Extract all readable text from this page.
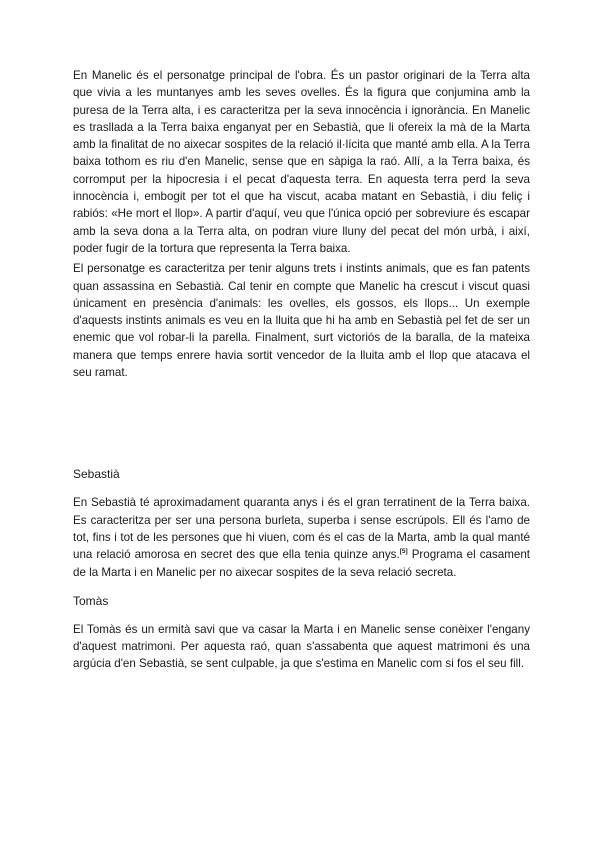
En Manelic és el personatge principal de l'obra. És un pastor originari de la Terra alta que vivia a les muntanyes amb les seves ovelles. És la figura que conjumina amb la puresa de la Terra alta, i es caracteritza per la seva innocència i ignorància. En Manelic es trasllada a la Terra baixa enganyat per en Sebastià, que li ofereix la mà de la Marta amb la finalitat de no aixecar sospites de la relació il·lícita que manté amb ella. A la Terra baixa tothom es riu d'en Manelic, sense que en sàpiga la raó. Allí, a la Terra baixa, és corromput per la hipocresia i el pecat d'aquesta terra. En aquesta terra perd la seva innocència i, embogit per tot el que ha viscut, acaba matant en Sebastià, i diu feliç i rabiós: «He mort el llop». A partir d'aquí, veu que l'única opció per sobreviure és escapar amb la seva dona a la Terra alta, on podran viure lluny del pecat del món urbà, i així, poder fugir de la tortura que representa la Terra baixa.

El personatge es caracteritza per tenir alguns trets i instints animals, que es fan patents quan assassina en Sebastià. Cal tenir en compte que Manelic ha crescut i viscut quasi únicament en presència d'animals: les ovelles, els gossos, els llops... Un exemple d'aquests instints animals es veu en la lluita que hi ha amb en Sebastià pel fet de ser un enemic que vol robar-li la parella. Finalment, surt victoriós de la baralla, de la mateixa manera que temps enrere havia sortit vencedor de la lluita amb el llop que atacava el seu ramat.

Sebastià

En Sebastià té aproximadament quaranta anys i és el gran terratinent de la Terra baixa. Es caracteritza per ser una persona burleta, superba i sense escrúpols. Ell és l'amo de tot, fins i tot de les persones que hi viuen, com és el cas de la Marta, amb la qual manté una relació amorosa en secret des que ella tenia quinze anys.[5] Programa el casament de la Marta i en Manelic per no aixecar sospites de la seva relació secreta.

Tomàs

El Tomàs és un ermità savi que va casar la Marta i en Manelic sense conèixer l'engany d'aquest matrimoni. Per aquesta raó, quan s'assabenta que aquest matrimoni és una argúcia d'en Sebastià, se sent culpable, ja que s'estima en Manelic com si fos el seu fill.
